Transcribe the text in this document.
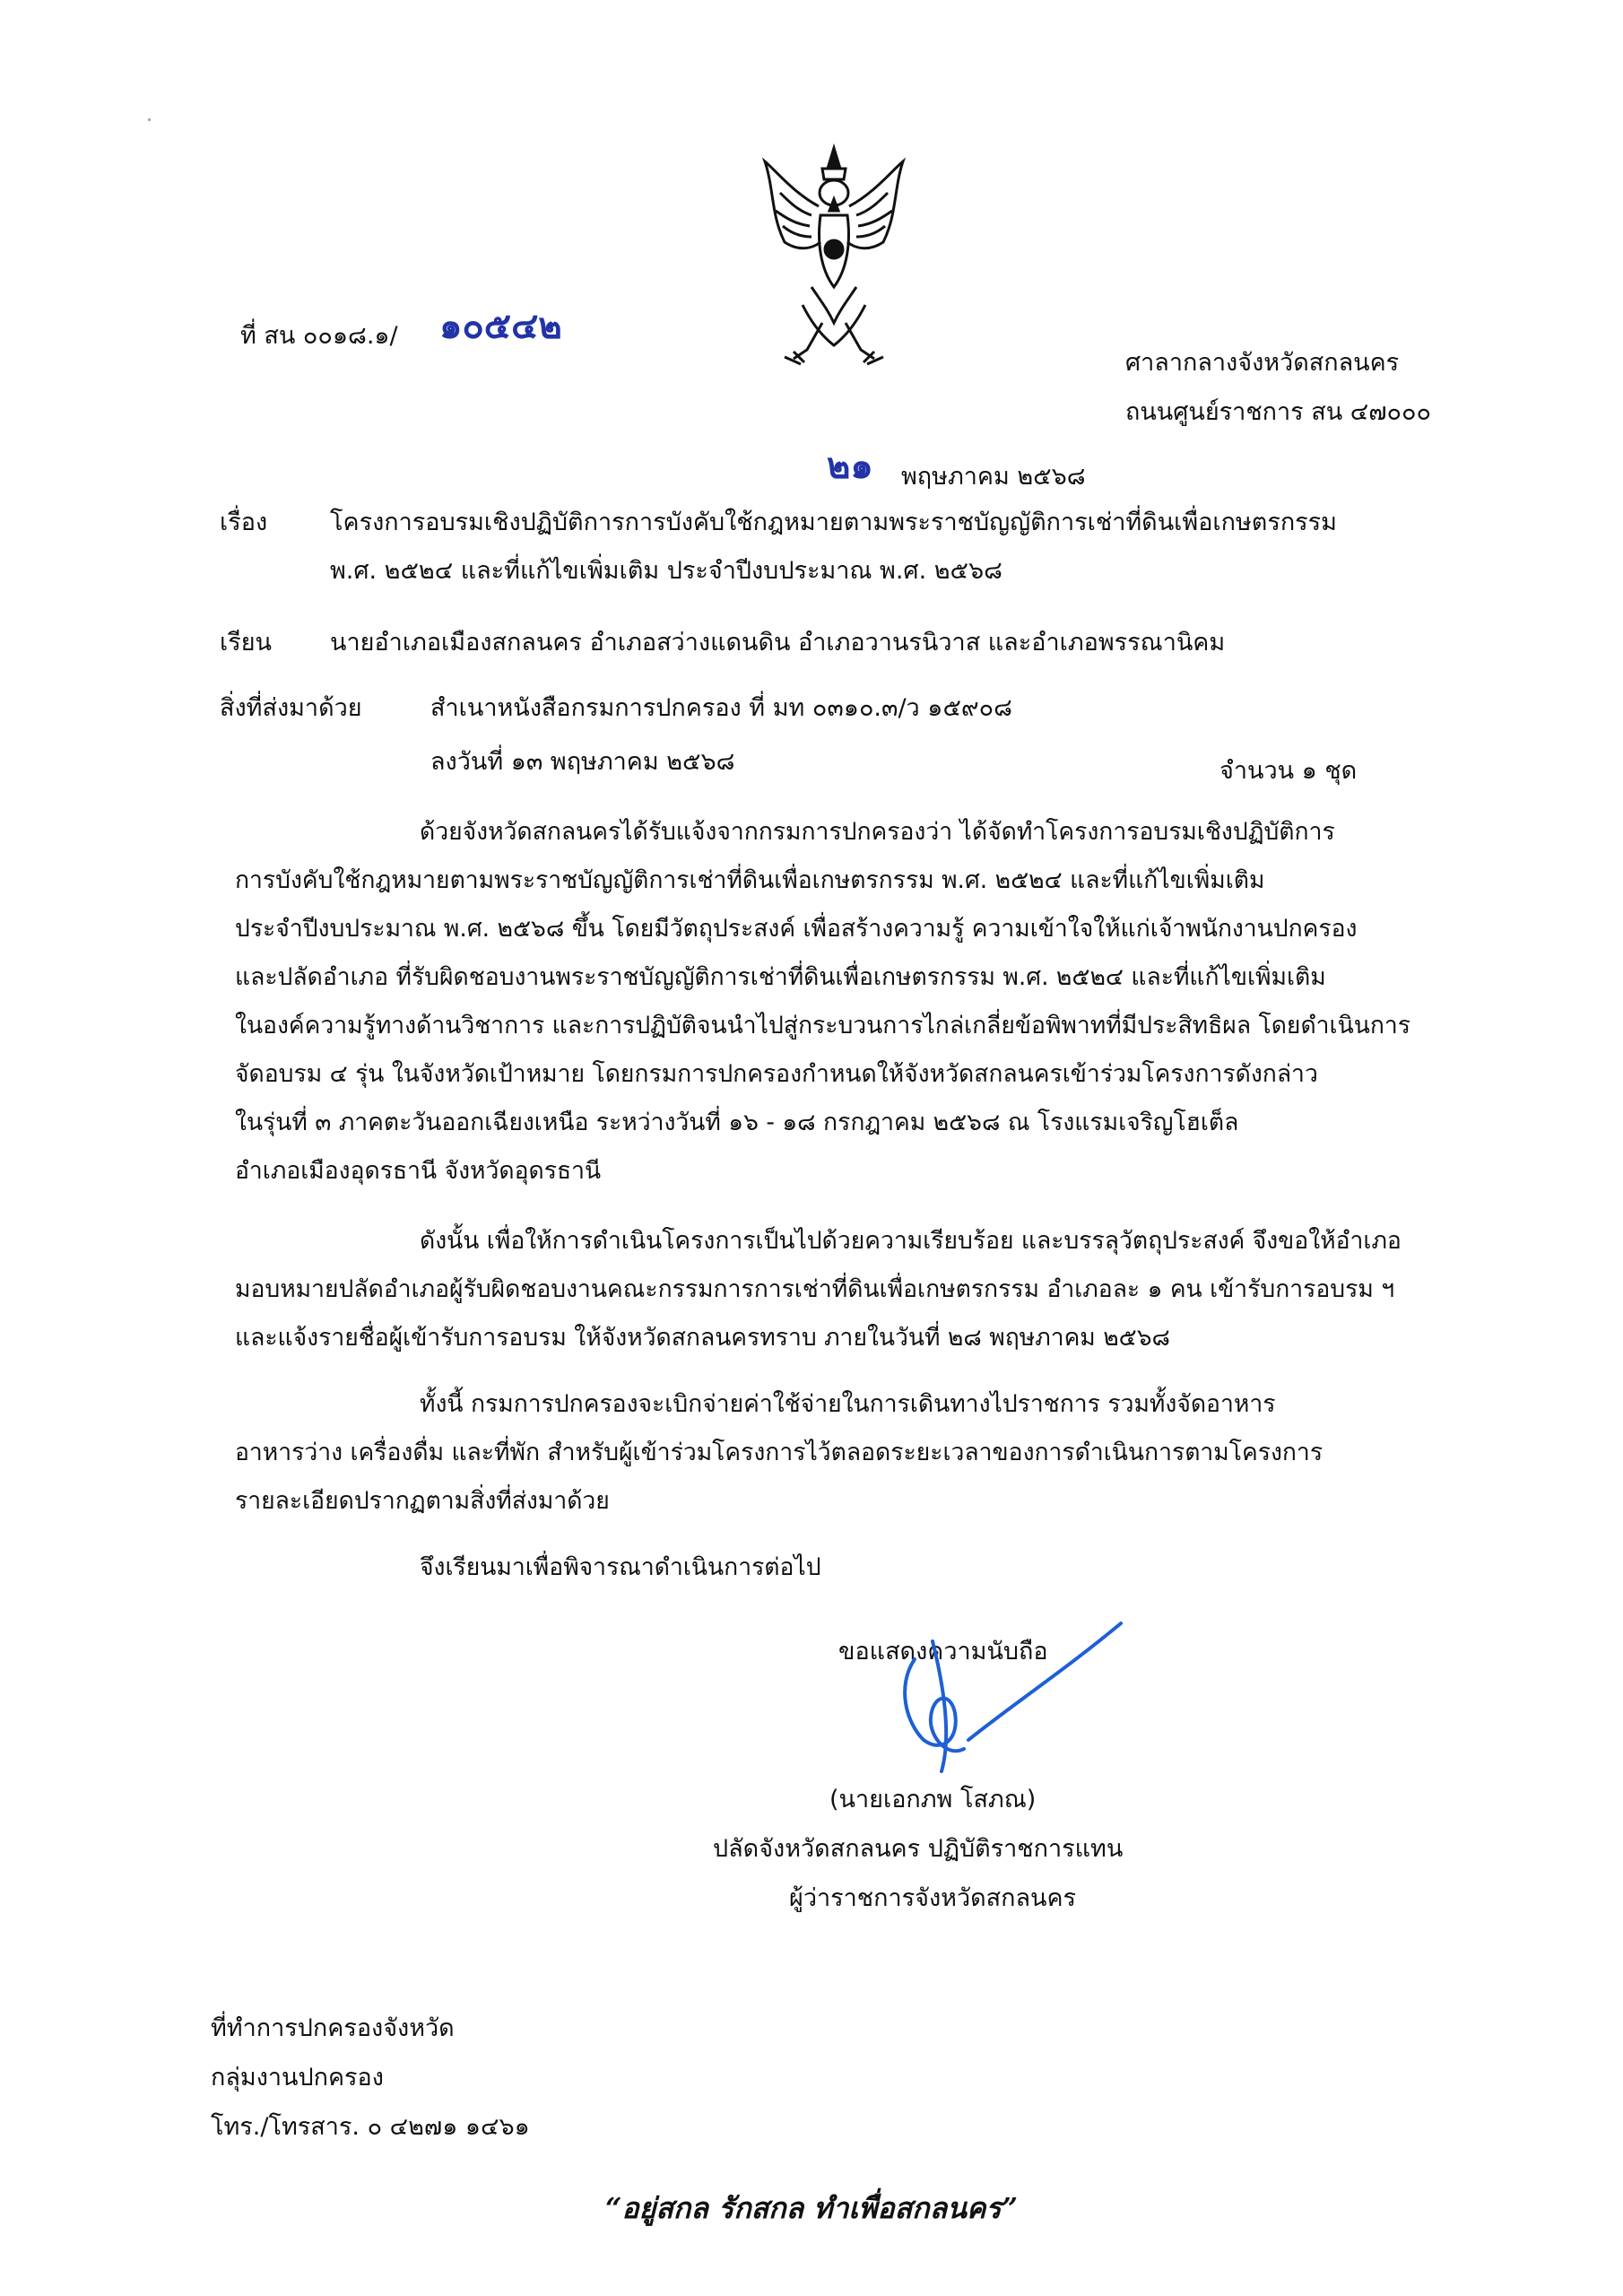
ที่ สน ๐๐๑๘.๑/ ๑๐๕๔๒
ศาลากลางจังหวัดสกลนคร
ถนนศูนย์ราชการ สน ๔๗๐๐๐
๒๑ พฤษภาคม ๒๕๖๘
เรื่อง	โครงการอบรมเชิงปฏิบัติการการบังคับใช้กฎหมายตามพระราชบัญญัติการเช่าที่ดินเพื่อเกษตรกรรม
พ.ศ. ๒๕๒๔ และที่แก้ไขเพิ่มเติม ประจำปีงบประมาณ พ.ศ. ๒๕๖๘
เรียน นายอำเภอเมืองสกลนคร อำเภอสว่างแดนดิน อำเภอวานรนิวาส และอำเภอพรรณานิคม
สิ่งที่ส่งมาด้วย	สำเนาหนังสือกรมการปกครอง ที่ มท ๐๓๑๐.๓/ว ๑๕๙๐๘
ลงวันที่ ๑๓ พฤษภาคม ๒๕๖๘	จำนวน ๑ ชุด
ด้วยจังหวัดสกลนครได้รับแจ้งจากกรมการปกครองว่า ได้จัดทำโครงการอบรมเชิงปฏิบัติการ
การบังคับใช้กฎหมายตามพระราชบัญญัติการเช่าที่ดินเพื่อเกษตรกรรม พ.ศ. ๒๕๒๔ และที่แก้ไขเพิ่มเติม
ประจำปีงบประมาณ พ.ศ. ๒๕๖๘ ขึ้น โดยมีวัตถุประสงค์ เพื่อสร้างความรู้ ความเข้าใจให้แก่เจ้าพนักงานปกครอง
และปลัดอำเภอ ที่รับผิดชอบงานพระราชบัญญัติการเช่าที่ดินเพื่อเกษตรกรรม พ.ศ. ๒๕๒๔ และที่แก้ไขเพิ่มเติม
ในองค์ความรู้ทางด้านวิชาการ และการปฏิบัติจนนำไปสู่กระบวนการไกล่เกลี่ยข้อพิพาทที่มีประสิทธิผล โดยดำเนินการ
จัดอบรม ๔ รุ่น ในจังหวัดเป้าหมาย โดยกรมการปกครองกำหนดให้จังหวัดสกลนครเข้าร่วมโครงการดังกล่าว
ในรุ่นที่ ๓ ภาคตะวันออกเฉียงเหนือ ระหว่างวันที่ ๑๖ - ๑๘ กรกฎาคม ๒๕๖๘ ณ โรงแรมเจริญโฮเต็ล
อำเภอเมืองอุดรธานี จังหวัดอุดรธานี
ดังนั้น เพื่อให้การดำเนินโครงการเป็นไปด้วยความเรียบร้อย และบรรลุวัตถุประสงค์ จึงขอให้อำเภอ
มอบหมายปลัดอำเภอผู้รับผิดชอบงานคณะกรรมการการเช่าที่ดินเพื่อเกษตรกรรม อำเภอละ ๑ คน เข้ารับการอบรม ฯ
และแจ้งรายชื่อผู้เข้ารับการอบรม ให้จังหวัดสกลนครทราบ ภายในวันที่ ๒๘ พฤษภาคม ๒๕๖๘
ทั้งนี้ กรมการปกครองจะเบิกจ่ายค่าใช้จ่ายในการเดินทางไปราชการ รวมทั้งจัดอาหาร
อาหารว่าง เครื่องดื่ม และที่พัก สำหรับผู้เข้าร่วมโครงการไว้ตลอดระยะเวลาของการดำเนินการตามโครงการ
รายละเอียดปรากฏตามสิ่งที่ส่งมาด้วย
จึงเรียนมาเพื่อพิจารณาดำเนินการต่อไป
ขอแสดงความนับถือ
(นายเอกภพ โสภณ)
ปลัดจังหวัดสกลนคร ปฏิบัติราชการแทน
ผู้ว่าราชการจังหวัดสกลนคร
ที่ทำการปกครองจังหวัด
กลุ่มงานปกครอง
โทร./โทรสาร. ๐ ๔๒๗๑ ๑๔๖๑
“อยู่สกล รักสกล ทำเพื่อสกลนคร”
